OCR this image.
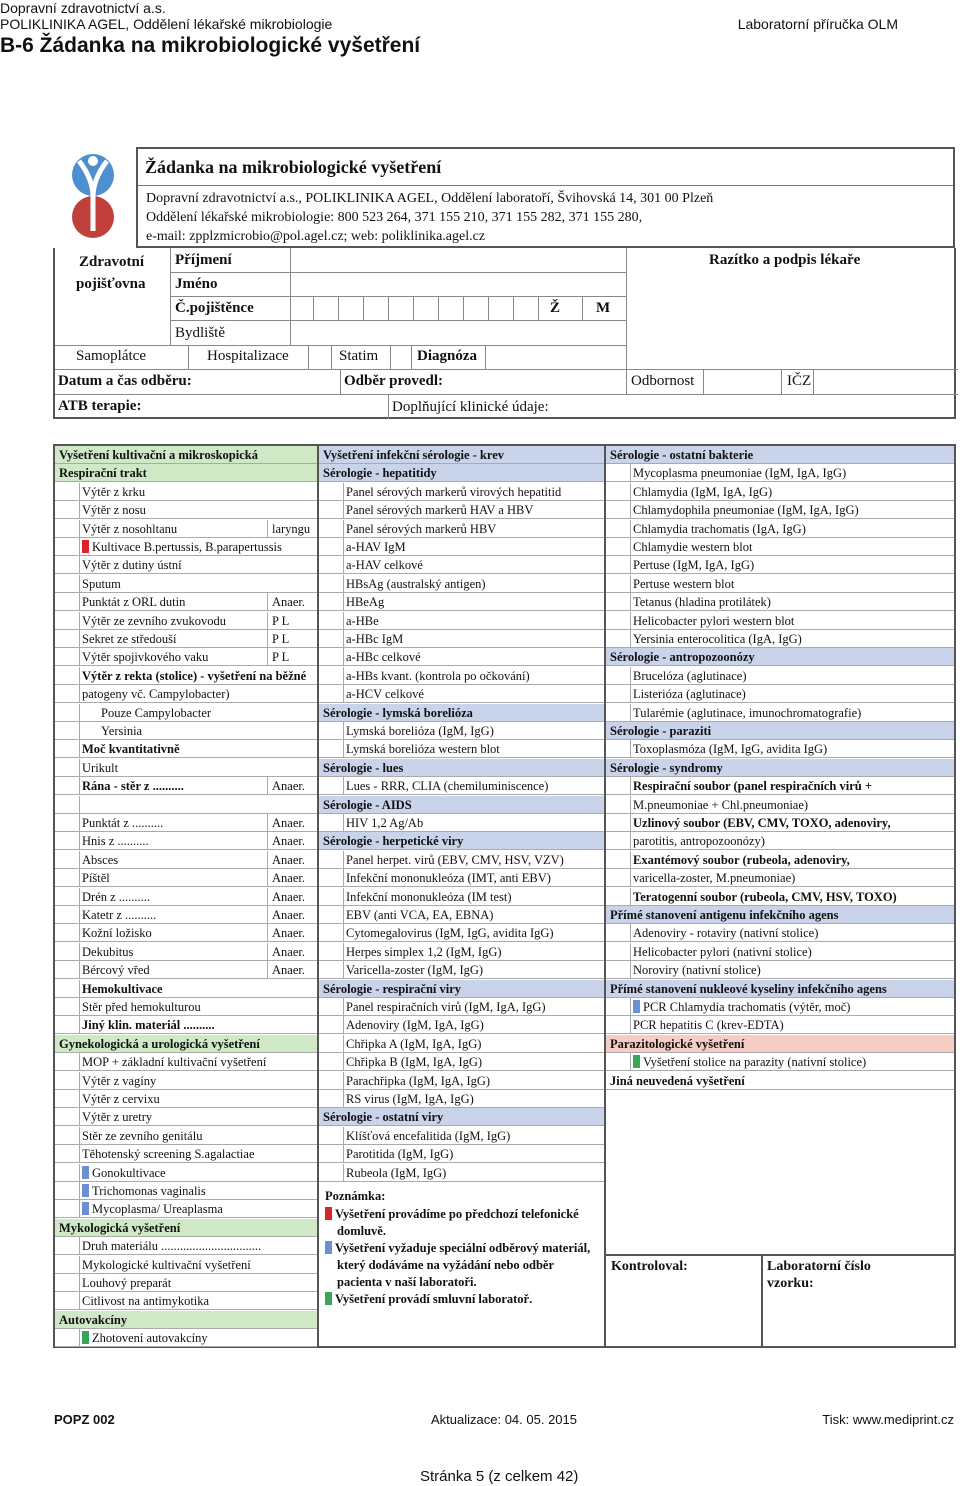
Dopravní zdravotnictví a.s.
POLIKLINIKA AGEL, Oddělení lékařské mikrobiologie	Laboratorní příručka OLM
B-6 Žádanka na mikrobiologické vyšetření
Žádanka na mikrobiologické vyšetření
Dopravní zdravotnictví a.s., POLIKLINIKA AGEL, Oddělení laboratoří, Švihovská 14, 301 00 Plzeň
Oddělení lékařské mikrobiologie: 800 523 264, 371 155 210, 371 155 282, 371 155 280,
e-mail: zpplzmicrobio@pol.agel.cz; web: poliklinika.agel.cz
Zdravotní
pojišťovna
Příjmení
Jméno
Č.pojištěnce	Ž M
Bydliště
Razítko a podpis lékaře
Samoplátce	Hospitalizace	Statim	Diagnóza
Datum a čas odběru:	Odběr provedl:	Odbornost	IČZ
ATB terapie:	Doplňující klinické údaje:
Vyšetření kultivační a mikroskopická
Respirační trakt
Výtěr z krku
Výtěr z nosu
Výtěr z nosohltanu	laryngu
Kultivace B.pertussis, B.parapertussis
Výtěr z dutiny ústní
Sputum
Punktát z ORL dutin	Anaer.
Výtěr ze zevního zvukovodu	P L
Sekret ze středouší	P L
Výtěr spojivkového vaku	P L
Výtěr z rekta (stolice) - vyšetření na běžné
patogeny vč. Campylobacter)
Pouze Campylobacter
Yersinia
Moč kvantitativně
Urikult
Rána - stěr z ..........	Anaer.
Punktát z ..........	Anaer.
Hnis z ..........	Anaer.
Absces	Anaer.
Píštěl	Anaer.
Drén z ..........	Anaer.
Katetr z ..........	Anaer.
Kožní ložisko	Anaer.
Dekubitus	Anaer.
Bércový vřed	Anaer.
Hemokultivace
Stěr před hemokulturou
Jiný klin. materiál ..........
Gynekologická a urologická vyšetření
MOP + základní kultivační vyšetření
Výtěr z vagíny
Výtěr z cervixu
Výtěr z uretry
Stěr ze zevního genitálu
Těhotenský screening S.agalactiae
Gonokultivace
Trichomonas vaginalis
Mycoplasma/ Ureaplasma
Mykologická vyšetření
Druh materiálu ................................
Mykologické kultivační vyšetření
Louhový preparát
Citlivost na antimykotika
Autovakcíny
Zhotovení autovakcíny
Vyšetření infekční sérologie - krev
Sérologie - hepatitidy
Panel sérových markerů virových hepatitid
Panel sérových markerů HAV a HBV
Panel sérových markerů HBV
a-HAV IgM
a-HAV celkové
HBsAg (australský antigen)
HBeAg
a-HBe
a-HBc IgM
a-HBc celkové
a-HBs kvant. (kontrola po očkování)
a-HCV celkové
Sérologie - lymská borelióza
Lymská borelióza (IgM, IgG)
Lymská borelióza western blot
Sérologie - lues
Lues - RRR, CLIA (chemiluminiscence)
Sérologie - AIDS
HIV 1,2 Ag/Ab
Sérologie - herpetické viry
Panel herpet. virů (EBV, CMV, HSV, VZV)
Infekční mononukleóza (IMT, anti EBV)
Infekční mononukleóza (IM test)
EBV (anti VCA, EA, EBNA)
Cytomegalovirus (IgM, IgG, avidita IgG)
Herpes simplex 1,2 (IgM, IgG)
Varicella-zoster (IgM, IgG)
Sérologie - respirační viry
Panel respiračních virů (IgM, IgA, IgG)
Adenoviry (IgM, IgA, IgG)
Chřipka A (IgM, IgA, IgG)
Chřipka B (IgM, IgA, IgG)
Parachřipka (IgM, IgA, IgG)
RS virus (IgM, IgA, IgG)
Sérologie - ostatní viry
Klíšťová encefalitida (IgM, IgG)
Parotitida (IgM, IgG)
Rubeola (IgM, IgG)
Sérologie - ostatní bakterie
Mycoplasma pneumoniae (IgM, IgA, IgG)
Chlamydia (IgM, IgA, IgG)
Chlamydophila pneumoniae (IgM, IgA, IgG)
Chlamydia trachomatis (IgA, IgG)
Chlamydie western blot
Pertuse (IgM, IgA, IgG)
Pertuse western blot
Tetanus (hladina protilátek)
Helicobacter pylori western blot
Yersinia enterocolitica (IgA, IgG)
Sérologie - antropozoonózy
Brucelóza (aglutinace)
Listerióza (aglutinace)
Tularémie (aglutinace, imunochromatografie)
Sérologie - paraziti
Toxoplasmóza (IgM, IgG, avidita IgG)
Sérologie - syndromy
Respirační soubor (panel respiračních virů +
M.pneumoniae + Chl.pneumoniae)
Uzlinový soubor (EBV, CMV, TOXO, adenoviry,
parotitis, antropozoonózy)
Exantémový soubor (rubeola, adenoviry,
varicella-zoster, M.pneumoniae)
Teratogenní soubor (rubeola, CMV, HSV, TOXO)
Přímé stanovení antigenu infekčního agens
Adenoviry - rotaviry (nativní stolice)
Helicobacter pylori (nativní stolice)
Noroviry (nativní stolice)
Přímé stanovení nukleové kyseliny infekčního agens
PCR Chlamydia trachomatis (výtěr, moč)
PCR hepatitis C (krev-EDTA)
Parazitologické vyšetření
Vyšetření stolice na parazity (nativní stolice)
Jiná neuvedená vyšetření
Poznámka:
Vyšetření provádíme po předchozí telefonické
domluvě.
Vyšetření vyžaduje speciální odběrový materiál,
který dodáváme na vyžádání nebo odběr
pacienta v naší laboratoři.
Vyšetření provádí smluvní laboratoř.
Kontroloval:	Laboratorní číslo
vzorku:
POPZ 002	Aktualizace: 04. 05. 2015	Tisk: www.mediprint.cz
Stránka 5 (z celkem 42)
